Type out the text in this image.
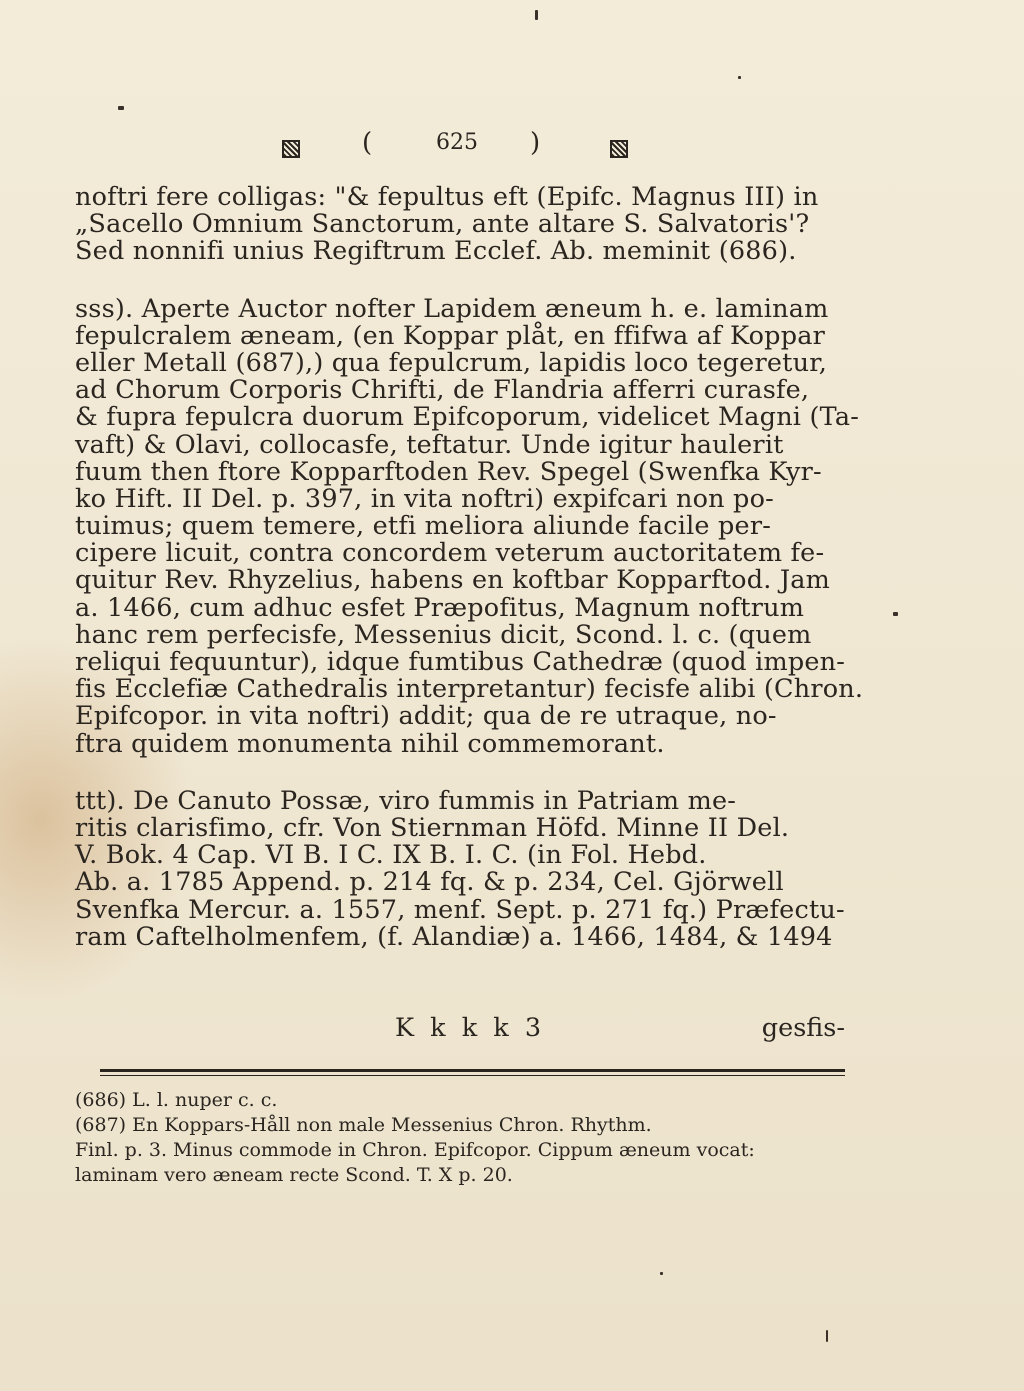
(	625 )
noftri fere colligas: "& fepultus eft (Epifc. Magnus III) in
„Sacello Omnium Sanctorum, ante altare S. Salvatoris'?
Sed nonnifi unius Regiftrum Ecclef. Ab. meminit (686).
sss). Aperte Auctor nofter Lapidem æneum h. e. laminam
fepulcralem æneam, (en Koppar plåt, en ffifwa af Koppar
eller Metall (687),) qua fepulcrum, lapidis loco tegeretur,
ad Chorum Corporis Chrifti, de Flandria afferri curasfe,
& fupra fepulcra duorum Epifcoporum, videlicet Magni (Ta-
vaft) & Olavi, collocasfe, teftatur. Unde igitur haulerit
fuum then ftore Kopparftoden Rev. Spegel (Swenfka Kyr-
ko Hift. II Del. p. 397, in vita noftri) expifcari non po-
tuimus; quem temere, etfi meliora aliunde facile per-
cipere licuit, contra concordem veterum auctoritatem fe-
quitur Rev. Rhyzelius, habens en koftbar Kopparftod. Jam
a. 1466, cum adhuc esfet Præpofitus, Magnum noftrum
hanc rem perfecisfe, Messenius dicit, Scond. l. c. (quem
reliqui fequuntur), idque fumtibus Cathedræ (quod impen-
fis Ecclefiæ Cathedralis interpretantur) fecisfe alibi (Chron.
Epifcopor. in vita noftri) addit; qua de re utraque, no-
ftra quidem monumenta nihil commemorant.
ttt). De Canuto Possæ, viro fummis in Patriam me-
ritis clarisfimo, cfr. Von Stiernman Höfd. Minne II Del.
V. Bok. 4 Cap. VI B. I C. IX B. I. C. (in Fol. Hebd.
Ab. a. 1785 Append. p. 214 fq. & p. 234, Cel. Gjörwell
Svenfka Mercur. a. 1557, menf. Sept. p. 271 fq.) Præfectu-
ram Caftelholmenfem, (f. Alandiæ) a. 1466, 1484, & 1494
K k k k 3	gesfis-
(686) L. l. nuper c. c.
(687) En Koppars-Håll non male Messenius Chron. Rhythm.
Finl. p. 3. Minus commode in Chron. Epifcopor. Cippum æneum vocat:
laminam vero æneam recte Scond. T. X p. 20.
